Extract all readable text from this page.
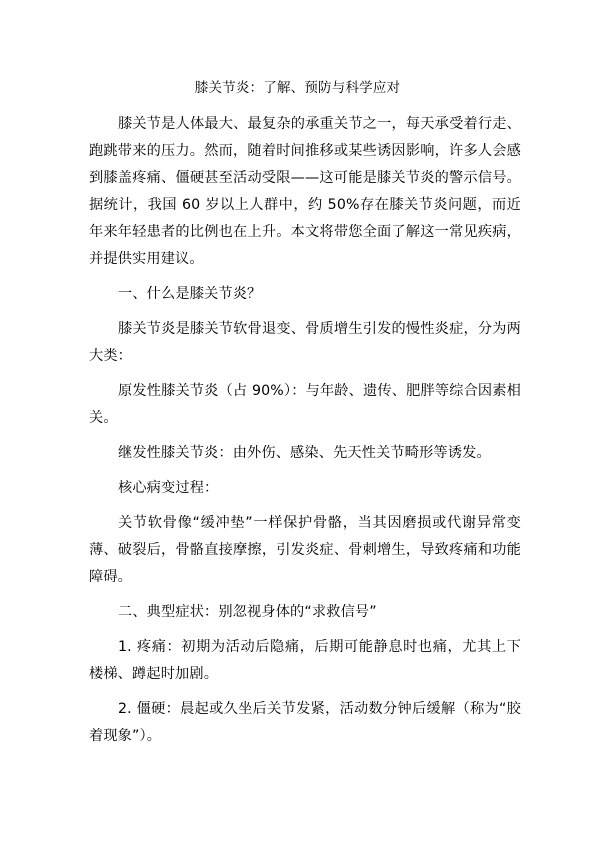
膝关节炎：了解、预防与科学应对

膝关节是人体最大、最复杂的承重关节之一，每天承受着行走、跑跳带来的压力。然而，随着时间推移或某些诱因影响，许多人会感到膝盖疼痛、僵硬甚至活动受限——这可能是膝关节炎的警示信号。据统计，我国 60 岁以上人群中，约 50%存在膝关节炎问题，而近年来年轻患者的比例也在上升。本文将带您全面了解这一常见疾病，并提供实用建议。

一、什么是膝关节炎？

膝关节炎是膝关节软骨退变、骨质增生引发的慢性炎症，分为两大类：

原发性膝关节炎（占 90%）：与年龄、遗传、肥胖等综合因素相关。

继发性膝关节炎：由外伤、感染、先天性关节畸形等诱发。

核心病变过程：

关节软骨像“缓冲垫”一样保护骨骼，当其因磨损或代谢异常变薄、破裂后，骨骼直接摩擦，引发炎症、骨刺增生，导致疼痛和功能障碍。

二、典型症状：别忽视身体的“求救信号”

1. 疼痛：初期为活动后隐痛，后期可能静息时也痛，尤其上下楼梯、蹲起时加剧。

2. 僵硬：晨起或久坐后关节发紧，活动数分钟后缓解（称为“胶着现象”）。
